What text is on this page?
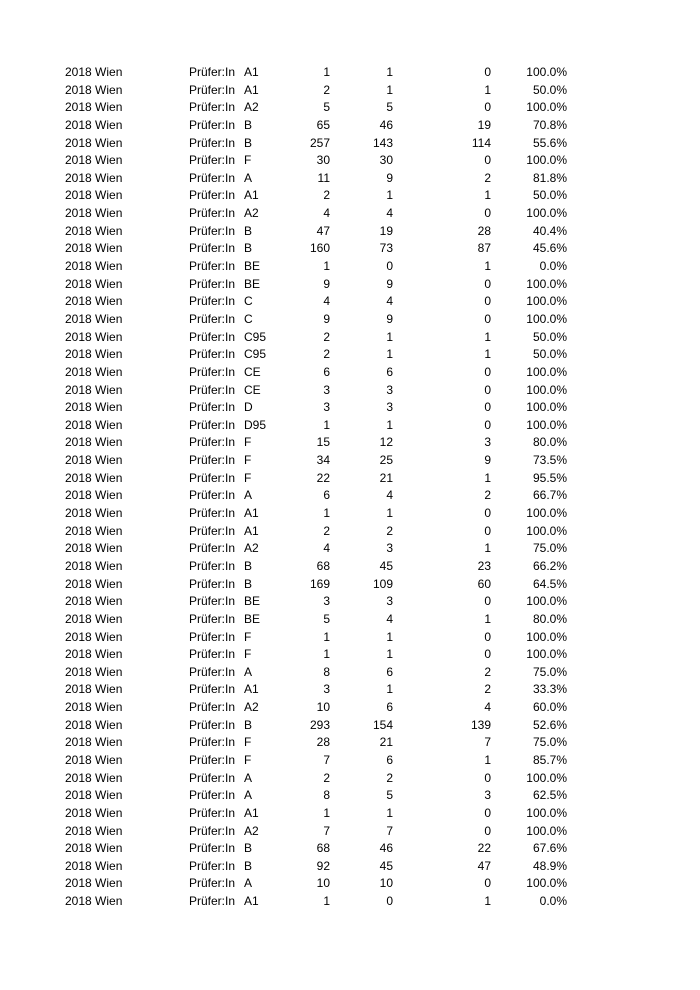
2018 Wien	Prüfer:In A1	1	1	0	100.0%
2018 Wien	Prüfer:In A1	2	1	1	50.0%
2018 Wien	Prüfer:In A2	5	5	0	100.0%
2018 Wien	Prüfer:In B	65	46	19	70.8%
2018 Wien	Prüfer:In B	257	143	114	55.6%
2018 Wien	Prüfer:In F	30	30	0	100.0%
2018 Wien	Prüfer:In A	11	9	2	81.8%
2018 Wien	Prüfer:In A1	2	1	1	50.0%
2018 Wien	Prüfer:In A2	4	4	0	100.0%
2018 Wien	Prüfer:In B	47	19	28	40.4%
2018 Wien	Prüfer:In B	160	73	87	45.6%
2018 Wien	Prüfer:In BE	1	0	1	0.0%
2018 Wien	Prüfer:In BE	9	9	0	100.0%
2018 Wien	Prüfer:In C	4	4	0	100.0%
2018 Wien	Prüfer:In C	9	9	0	100.0%
2018 Wien	Prüfer:In C95	2	1	1	50.0%
2018 Wien	Prüfer:In C95	2	1	1	50.0%
2018 Wien	Prüfer:In CE	6	6	0	100.0%
2018 Wien	Prüfer:In CE	3	3	0	100.0%
2018 Wien	Prüfer:In D	3	3	0	100.0%
2018 Wien	Prüfer:In D95	1	1	0	100.0%
2018 Wien	Prüfer:In F	15	12	3	80.0%
2018 Wien	Prüfer:In F	34	25	9	73.5%
2018 Wien	Prüfer:In F	22	21	1	95.5%
2018 Wien	Prüfer:In A	6	4	2	66.7%
2018 Wien	Prüfer:In A1	1	1	0	100.0%
2018 Wien	Prüfer:In A1	2	2	0	100.0%
2018 Wien	Prüfer:In A2	4	3	1	75.0%
2018 Wien	Prüfer:In B	68	45	23	66.2%
2018 Wien	Prüfer:In B	169	109	60	64.5%
2018 Wien	Prüfer:In BE	3	3	0	100.0%
2018 Wien	Prüfer:In BE	5	4	1	80.0%
2018 Wien	Prüfer:In F	1	1	0	100.0%
2018 Wien	Prüfer:In F	1	1	0	100.0%
2018 Wien	Prüfer:In A	8	6	2	75.0%
2018 Wien	Prüfer:In A1	3	1	2	33.3%
2018 Wien	Prüfer:In A2	10	6	4	60.0%
2018 Wien	Prüfer:In B	293	154	139	52.6%
2018 Wien	Prüfer:In F	28	21	7	75.0%
2018 Wien	Prüfer:In F	7	6	1	85.7%
2018 Wien	Prüfer:In A	2	2	0	100.0%
2018 Wien	Prüfer:In A	8	5	3	62.5%
2018 Wien	Prüfer:In A1	1	1	0	100.0%
2018 Wien	Prüfer:In A2	7	7	0	100.0%
2018 Wien	Prüfer:In B	68	46	22	67.6%
2018 Wien	Prüfer:In B	92	45	47	48.9%
2018 Wien	Prüfer:In A	10	10	0	100.0%
2018 Wien	Prüfer:In A1	1	0	1	0.0%
